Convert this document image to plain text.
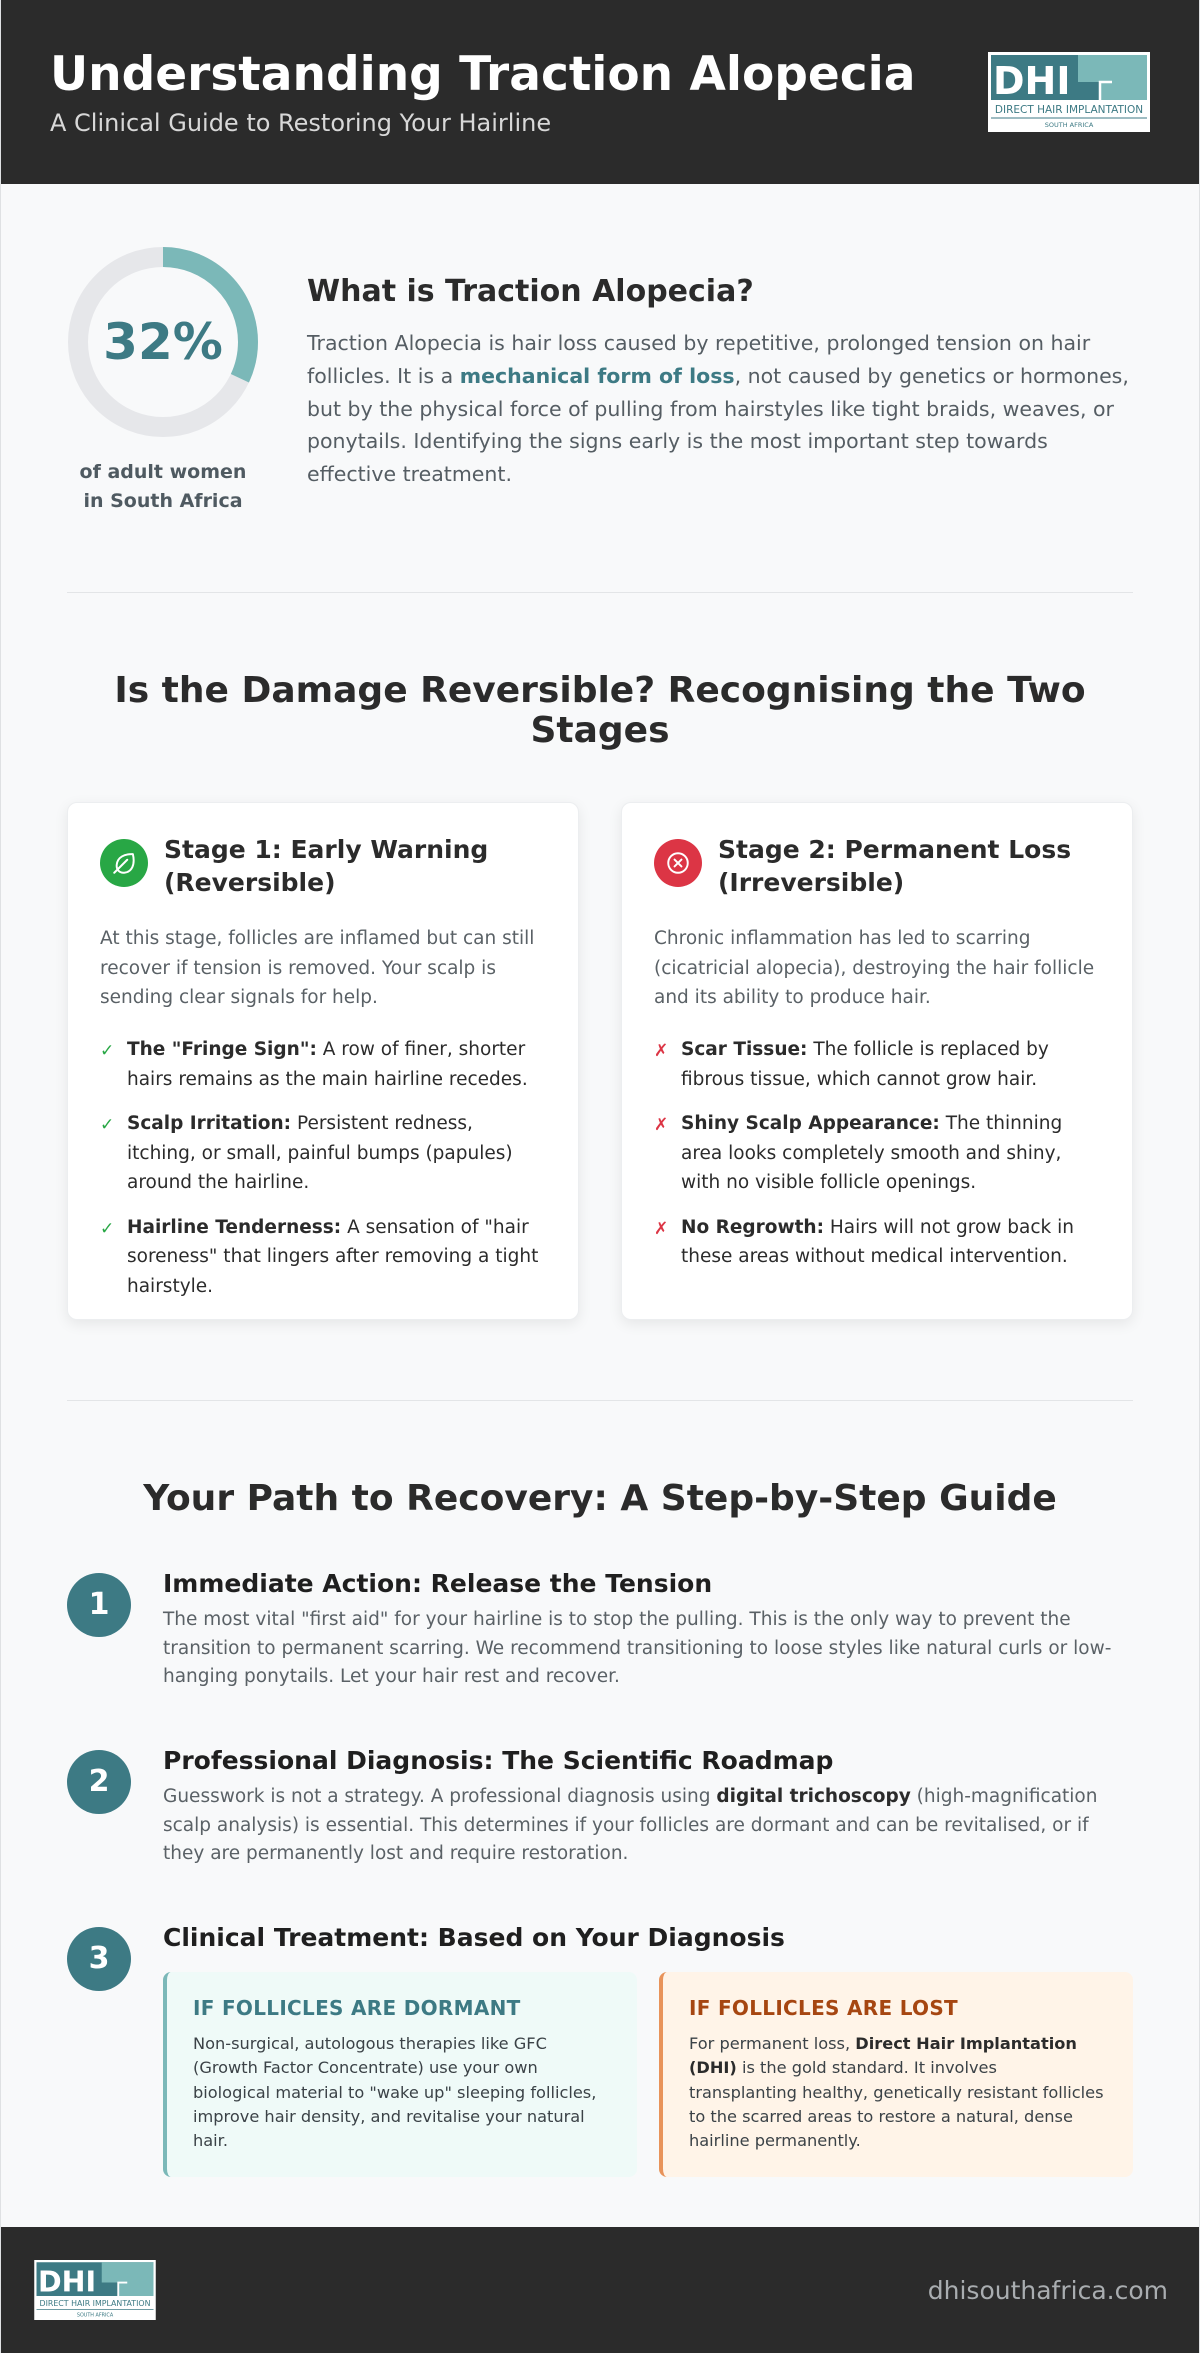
Understanding Traction Alopecia
A Clinical Guide to Restoring Your Hairline
DHI
DIRECT HAIR IMPLANTATION
SOUTH AFRICA
32%
of adult women
in South Africa
What is Traction Alopecia?

Traction Alopecia is hair loss caused by repetitive, prolonged tension on hair follicles. It is a mechanical form of loss, not caused by genetics or hormones, but by the physical force of pulling from hairstyles like tight braids, weaves, or ponytails. Identifying the signs early is the most important step towards effective treatment.

Is the Damage Reversible? Recognising the Two Stages
Stage 1: Early Warning (Reversible)

At this stage, follicles are inflamed but can still recover if tension is removed. Your scalp is sending clear signals for help.

✓ The "Fringe Sign": A row of finer, shorter hairs remains as the main hairline recedes.
✓ Scalp Irritation: Persistent redness, itching, or small, painful bumps (papules) around the hairline.
✓ Hairline Tenderness: A sensation of "hair soreness" that lingers after removing a tight hairstyle.
Stage 2: Permanent Loss (Irreversible)

Chronic inflammation has led to scarring (cicatricial alopecia), destroying the hair follicle and its ability to produce hair.

✗ Scar Tissue: The follicle is replaced by fibrous tissue, which cannot grow hair.
✗ Shiny Scalp Appearance: The thinning area looks completely smooth and shiny, with no visible follicle openings.
✗ No Regrowth: Hairs will not grow back in these areas without medical intervention.
Your Path to Recovery: A Step-by-Step Guide
1
Immediate Action: Release the Tension

The most vital "first aid" for your hairline is to stop the pulling. This is the only way to prevent the transition to permanent scarring. We recommend transitioning to loose styles like natural curls or low-hanging ponytails. Let your hair rest and recover.

2
Professional Diagnosis: The Scientific Roadmap

Guesswork is not a strategy. A professional diagnosis using digital trichoscopy (high-magnification scalp analysis) is essential. This determines if your follicles are dormant and can be revitalised, or if they are permanently lost and require restoration.

3
Clinical Treatment: Based on Your Diagnosis
IF FOLLICLES ARE DORMANT

Non-surgical, autologous therapies like GFC (Growth Factor Concentrate) use your own biological material to "wake up" sleeping follicles, improve hair density, and revitalise your natural hair.

IF FOLLICLES ARE LOST

For permanent loss, Direct Hair Implantation (DHI) is the gold standard. It involves transplanting healthy, genetically resistant follicles to the scarred areas to restore a natural, dense hairline permanently.

DHI
DIRECT HAIR IMPLANTATION
SOUTH AFRICA
dhisouthafrica.com
